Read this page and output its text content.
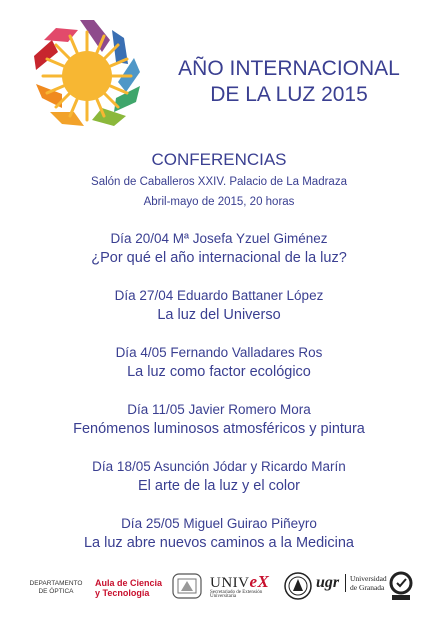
AÑO INTERNACIONAL
DE LA LUZ 2015
CONFERENCIAS
Salón de Caballeros XXIV. Palacio de La Madraza
Abril-mayo de 2015, 20 horas
Día 20/04 Mª Josefa Yzuel Giménez
¿Por qué el año internacional de la luz?
Día 27/04 Eduardo Battaner López
La luz del Universo
Día 4/05 Fernando Valladares Ros
La luz como factor ecológico
Día 11/05 Javier Romero Mora
Fenómenos luminosos atmosféricos y pintura
Día 18/05 Asunción Jódar y Ricardo Marín
El arte de la luz y el color
Día 25/05 Miguel Guirao Piñeyro
La luz abre nuevos caminos a la Medicina
DEPARTAMENTO
DE ÓPTICA
Aula de Ciencia
y Tecnología
UNIVeX
Secretariado de Extensión
Universitaria
ugr Universidad
de Granada
